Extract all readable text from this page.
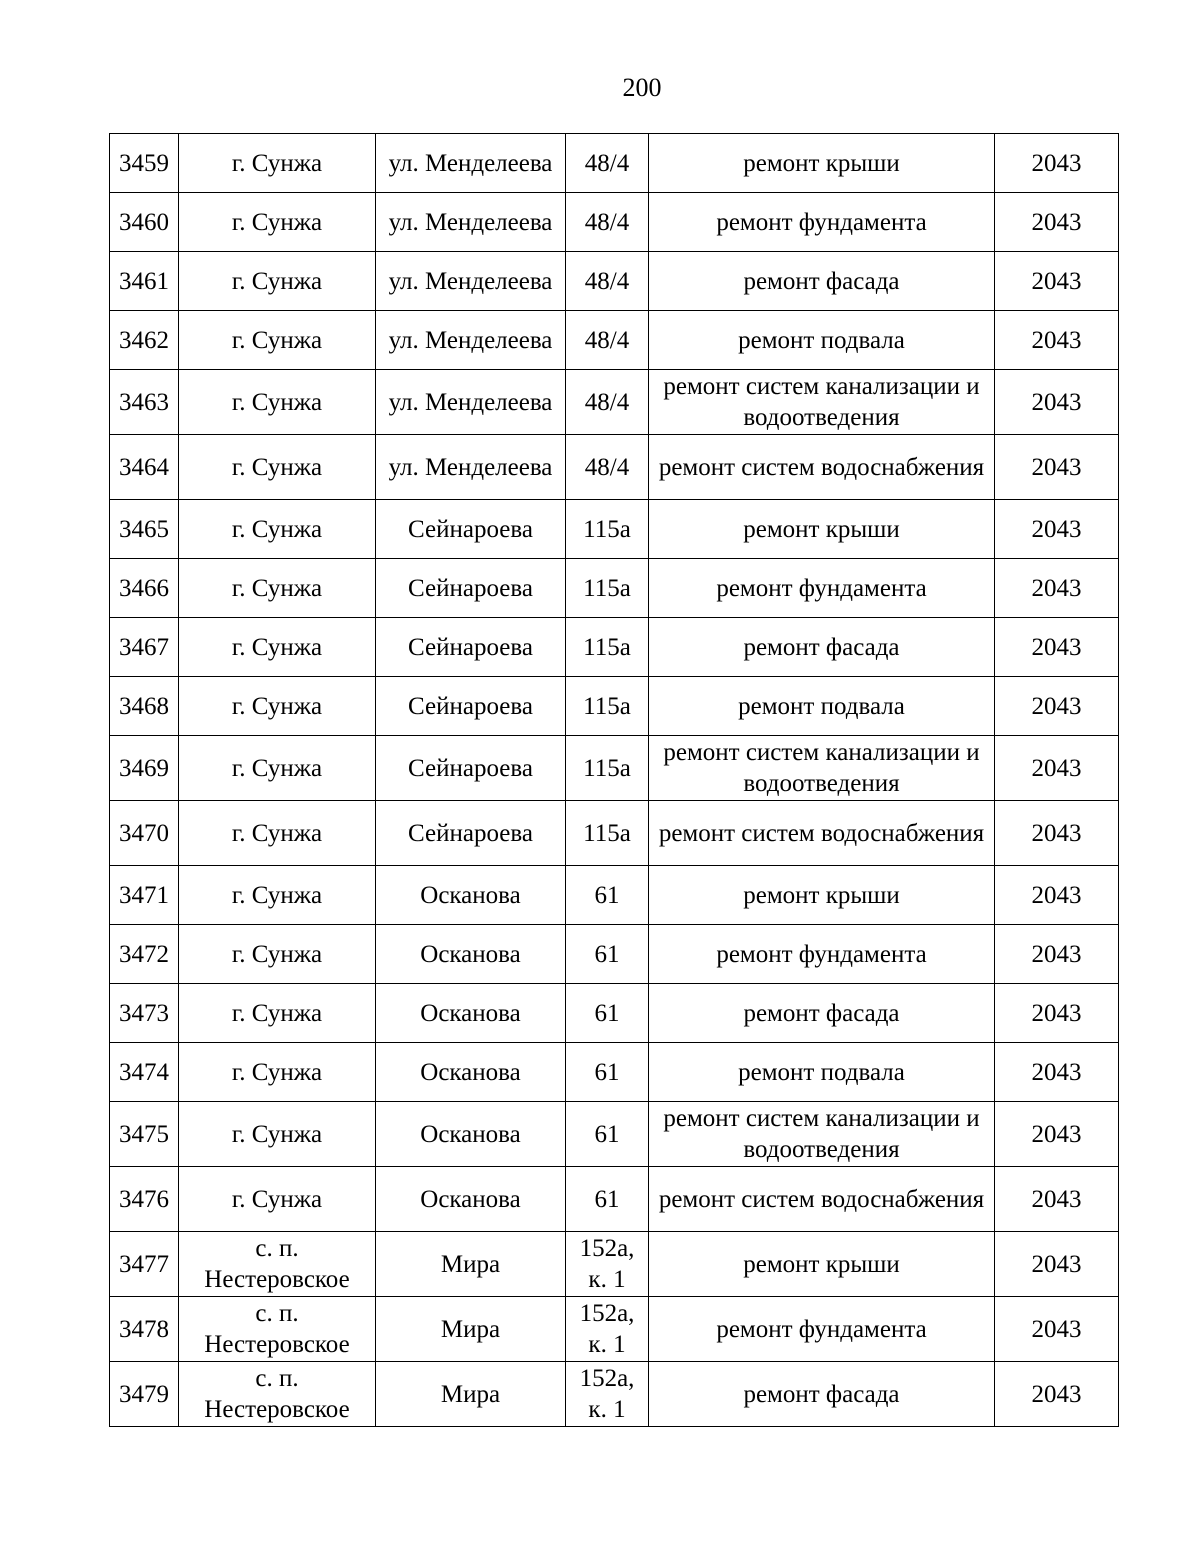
200
3459	г. Сунжа	ул. Менделеева	48/4	ремонт крыши	2043
3460	г. Сунжа	ул. Менделеева	48/4	ремонт фундамента	2043
3461	г. Сунжа	ул. Менделеева	48/4	ремонт фасада	2043
3462	г. Сунжа	ул. Менделеева	48/4	ремонт подвала	2043
3463	г. Сунжа	ул. Менделеева	48/4	ремонт систем канализации и водоотведения	2043
3464	г. Сунжа	ул. Менделеева	48/4	ремонт систем водоснабжения	2043
3465	г. Сунжа	Сейнароева	115а	ремонт крыши	2043
3466	г. Сунжа	Сейнароева	115а	ремонт фундамента	2043
3467	г. Сунжа	Сейнароева	115а	ремонт фасада	2043
3468	г. Сунжа	Сейнароева	115а	ремонт подвала	2043
3469	г. Сунжа	Сейнароева	115а	ремонт систем канализации и водоотведения	2043
3470	г. Сунжа	Сейнароева	115а	ремонт систем водоснабжения	2043
3471	г. Сунжа	Осканова	61	ремонт крыши	2043
3472	г. Сунжа	Осканова	61	ремонт фундамента	2043
3473	г. Сунжа	Осканова	61	ремонт фасада	2043
3474	г. Сунжа	Осканова	61	ремонт подвала	2043
3475	г. Сунжа	Осканова	61	ремонт систем канализации и водоотведения	2043
3476	г. Сунжа	Осканова	61	ремонт систем водоснабжения	2043
3477	с. п. Нестеровское	Мира	152а, к. 1	ремонт крыши	2043
3478	с. п. Нестеровское	Мира	152а, к. 1	ремонт фундамента	2043
3479	с. п. Нестеровское	Мира	152а, к. 1	ремонт фасада	2043
